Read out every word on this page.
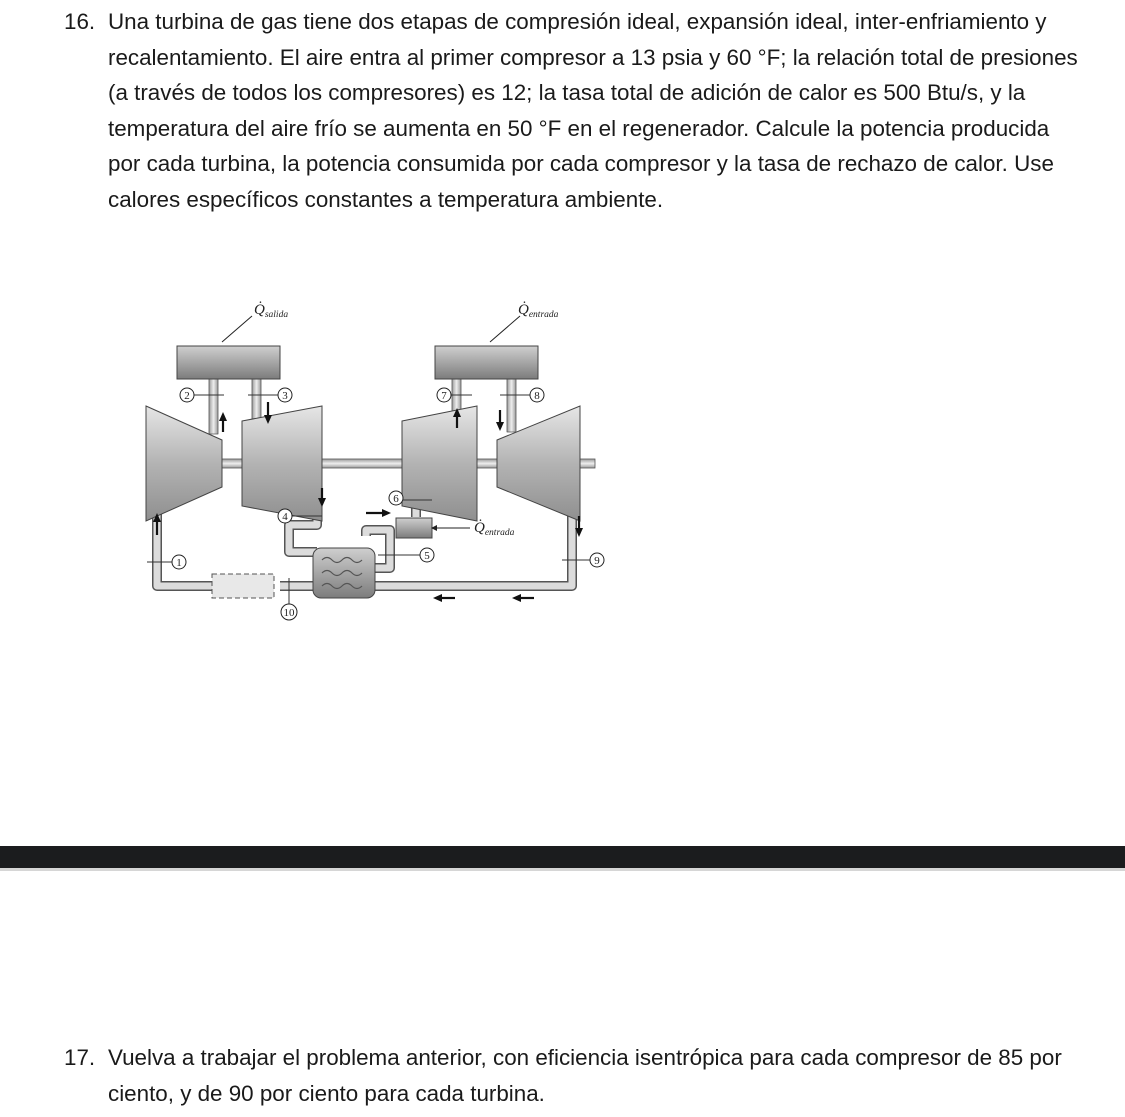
16. Una turbina de gas tiene dos etapas de compresión ideal, expansión ideal, inter-enfriamiento y recalentamiento. El aire entra al primer compresor a 13 psia y 60 °F; la relación total de presiones (a través de todos los compresores) es 12; la tasa total de adición de calor es 500 Btu/s, y la temperatura del aire frío se aumenta en 50 °F en el regenerador. Calcule la potencia producida por cada turbina, la potencia consumida por cada compresor y la tasa de rechazo de calor. Use calores específicos constantes a temperatura ambiente.
$Q̇_{salida}$	$Q̇_{entrada}$
$Q̇_{entrada}$
1
2	3
4
5
6
7	8
9
10
17. Vuelva a trabajar el problema anterior, con eficiencia isentrópica para cada compresor de 85 por ciento, y de 90 por ciento para cada turbina.
